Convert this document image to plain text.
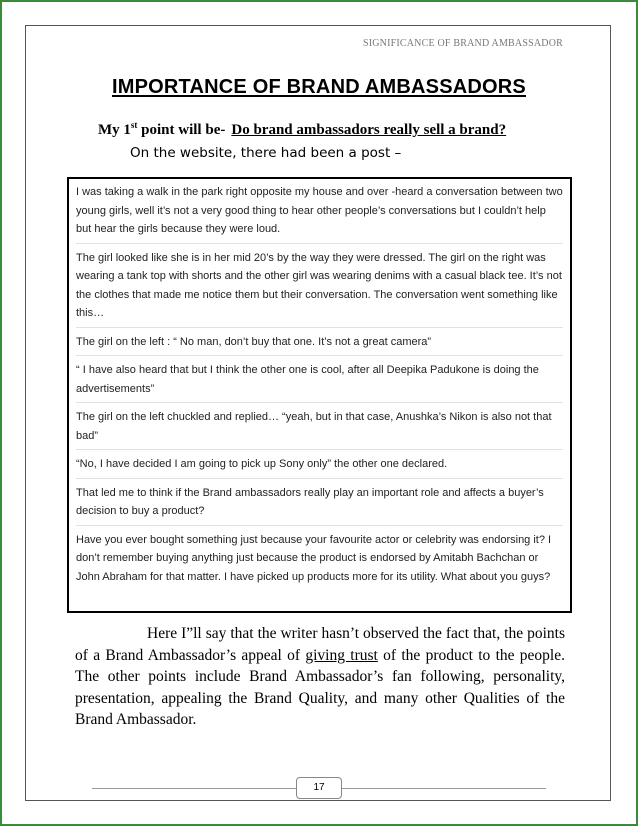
SIGNIFICANCE OF BRAND AMBASSADOR
IMPORTANCE OF BRAND AMBASSADORS
My 1st point will be- Do brand ambassadors really sell a brand?
On the website, there had been a post –

I was taking a walk in the park right opposite my house and over -heard a conversation between two young girls, well it’s not a very good thing to hear other people’s conversations but I couldn’t help but hear the girls because they were loud.

The girl looked like she is in her mid 20’s by the way they were dressed. The girl on the right was wearing a tank top with shorts and the other girl was wearing denims with a casual black tee. It’s not the clothes that made me notice them but their conversation. The conversation went something like this…

The girl on the left : “ No man, don’t buy that one. It’s not a great camera”

“ I have also heard that but I think the other one is cool, after all Deepika Padukone is doing the advertisements”

The girl on the left chuckled and replied… “yeah, but in that case, Anushka’s Nikon is also not that bad”

“No, I have decided I am going to pick up Sony only” the other one declared.

That led me to think if the Brand ambassadors really play an important role and affects a buyer’s decision to buy a product?

Have you ever bought something just because your favourite actor or celebrity was endorsing it? I don’t remember buying anything just because the product is endorsed by Amitabh Bachchan or John Abraham for that matter. I have picked up products more for its utility. What about you guys?

Here I”ll say that the writer hasn’t observed the fact that, the points of a Brand Ambassador’s appeal of giving trust of the product to the people. The other points include Brand Ambassador’s fan following, personality, presentation, appealing the Brand Quality, and many other Qualities of the Brand Ambassador.
17
